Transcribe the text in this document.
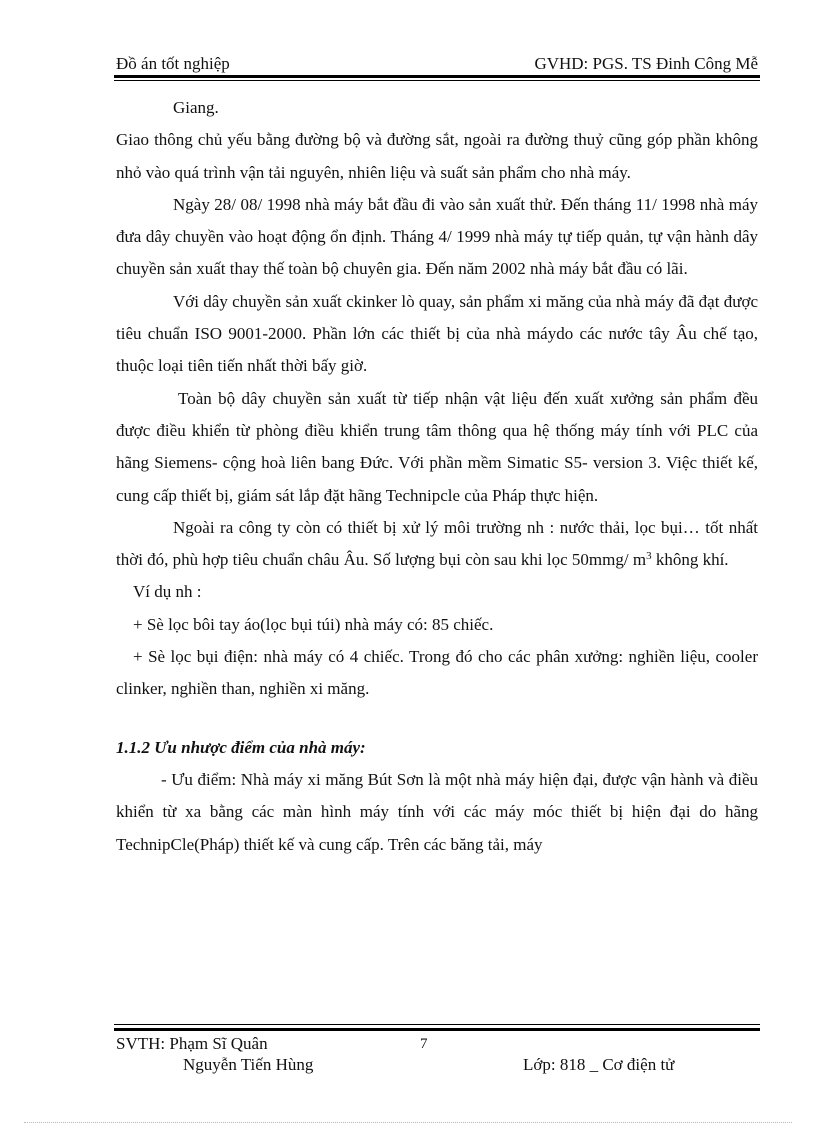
Đồ án tốt nghiệp	GVHD: PGS. TS Đinh Công Mễ

Giang.

Giao thông chủ yếu bằng đường bộ và đường sắt, ngoài ra đường thuỷ cũng góp phần không nhỏ vào quá trình vận tải nguyên, nhiên liệu và suất sản phẩm cho nhà máy.

Ngày 28/ 08/ 1998 nhà máy bắt đầu đi vào sản xuất thử. Đến tháng 11/ 1998 nhà máy đưa dây chuyền vào hoạt động ổn định. Tháng 4/ 1999 nhà máy tự tiếp quản, tự vận hành dây chuyền sản xuất thay thế toàn bộ chuyên gia. Đến năm 2002 nhà máy bắt đầu có lãi.

Với dây chuyền sản xuất ckinker lò quay, sản phẩm xi măng của nhà máy đã đạt được tiêu chuẩn ISO 9001-2000. Phần lớn các thiết bị của nhà máydo các nước tây Âu chế tạo, thuộc loại tiên tiến nhất thời bấy giờ.

Toàn bộ dây chuyền sản xuất từ tiếp nhận vật liệu đến xuất xưởng sản phẩm đều được điều khiển từ phòng điều khiển trung tâm thông qua hệ thống máy tính với PLC của hãng Siemens- cộng hoà liên bang Đức. Với phần mềm Simatic S5- version 3. Việc thiết kế, cung cấp thiết bị, giám sát lắp đặt hãng Technipcle của Pháp thực hiện.

Ngoài ra công ty còn có thiết bị xử lý môi trường nh : nước thải, lọc bụi… tốt nhất thời đó, phù hợp tiêu chuẩn châu Âu. Số lượng bụi còn sau khi lọc 50mmg/ $m^3$ không khí.

Ví dụ nh :

+ Sè lọc bôi tay áo(lọc bụi túi) nhà máy có: 85 chiếc.

+ Sè lọc bụi điện: nhà máy có 4 chiếc. Trong đó cho các phân xưởng: nghiền liệu, cooler clinker, nghiền than, nghiền xi măng.

1.1.2 Ưu nhược điểm của nhà máy:

- Ưu điểm: Nhà máy xi măng Bút Sơn là một nhà máy hiện đại, được vận hành và điều khiển từ xa bằng các màn hình máy tính với các máy móc thiết bị hiện đại do hãng TechnipCle(Pháp) thiết kế và cung cấp. Trên các băng tải, máy

SVTH: Phạm Sĩ Quân
Nguyễn Tiến Hùng
7
Lớp: 818 _ Cơ điện tử
